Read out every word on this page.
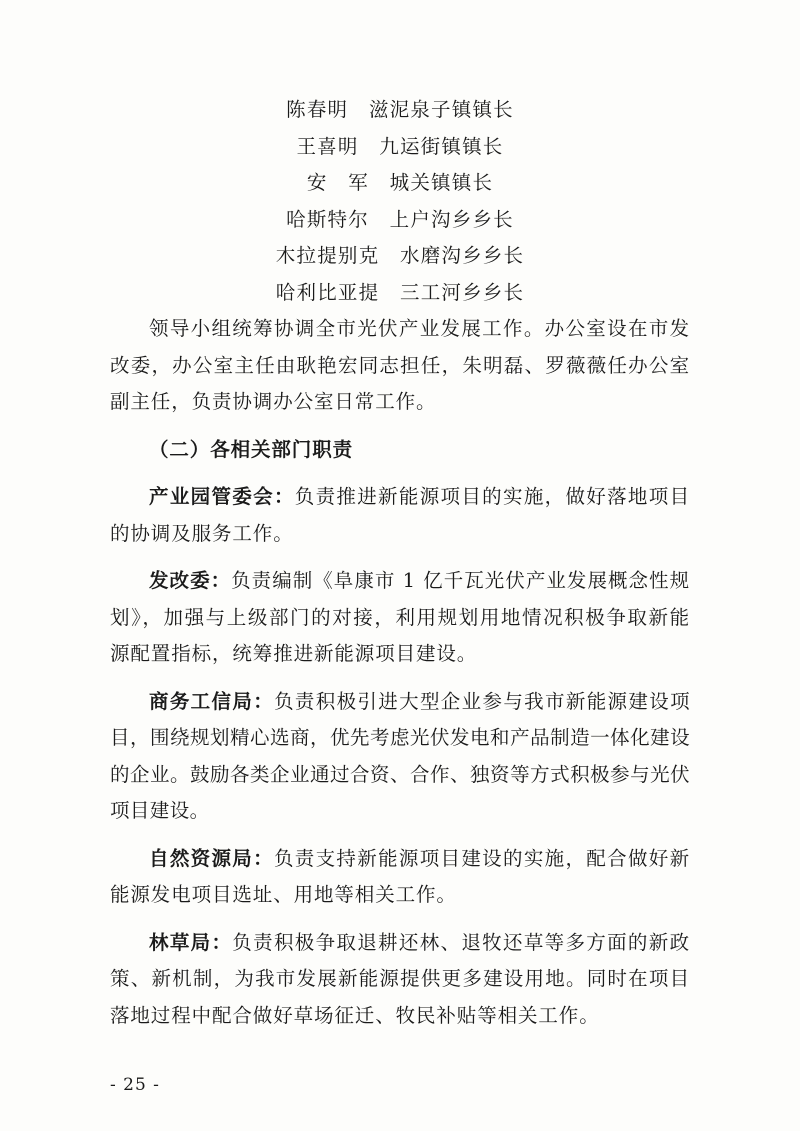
陈春明　滋泥泉子镇镇长
王喜明　九运街镇镇长
安　军　城关镇镇长
哈斯特尔　上户沟乡乡长
木拉提别克　水磨沟乡乡长
哈利比亚提　三工河乡乡长

领导小组统筹协调全市光伏产业发展工作。办公室设在市发改委，办公室主任由耿艳宏同志担任，朱明磊、罗薇薇任办公室副主任，负责协调办公室日常工作。

（二）各相关部门职责

产业园管委会：负责推进新能源项目的实施，做好落地项目的协调及服务工作。

发改委：负责编制《阜康市 1 亿千瓦光伏产业发展概念性规划》，加强与上级部门的对接，利用规划用地情况积极争取新能源配置指标，统筹推进新能源项目建设。

商务工信局：负责积极引进大型企业参与我市新能源建设项目，围绕规划精心选商，优先考虑光伏发电和产品制造一体化建设的企业。鼓励各类企业通过合资、合作、独资等方式积极参与光伏项目建设。

自然资源局：负责支持新能源项目建设的实施，配合做好新能源发电项目选址、用地等相关工作。

林草局：负责积极争取退耕还林、退牧还草等多方面的新政策、新机制，为我市发展新能源提供更多建设用地。同时在项目落地过程中配合做好草场征迁、牧民补贴等相关工作。

- 25 -
